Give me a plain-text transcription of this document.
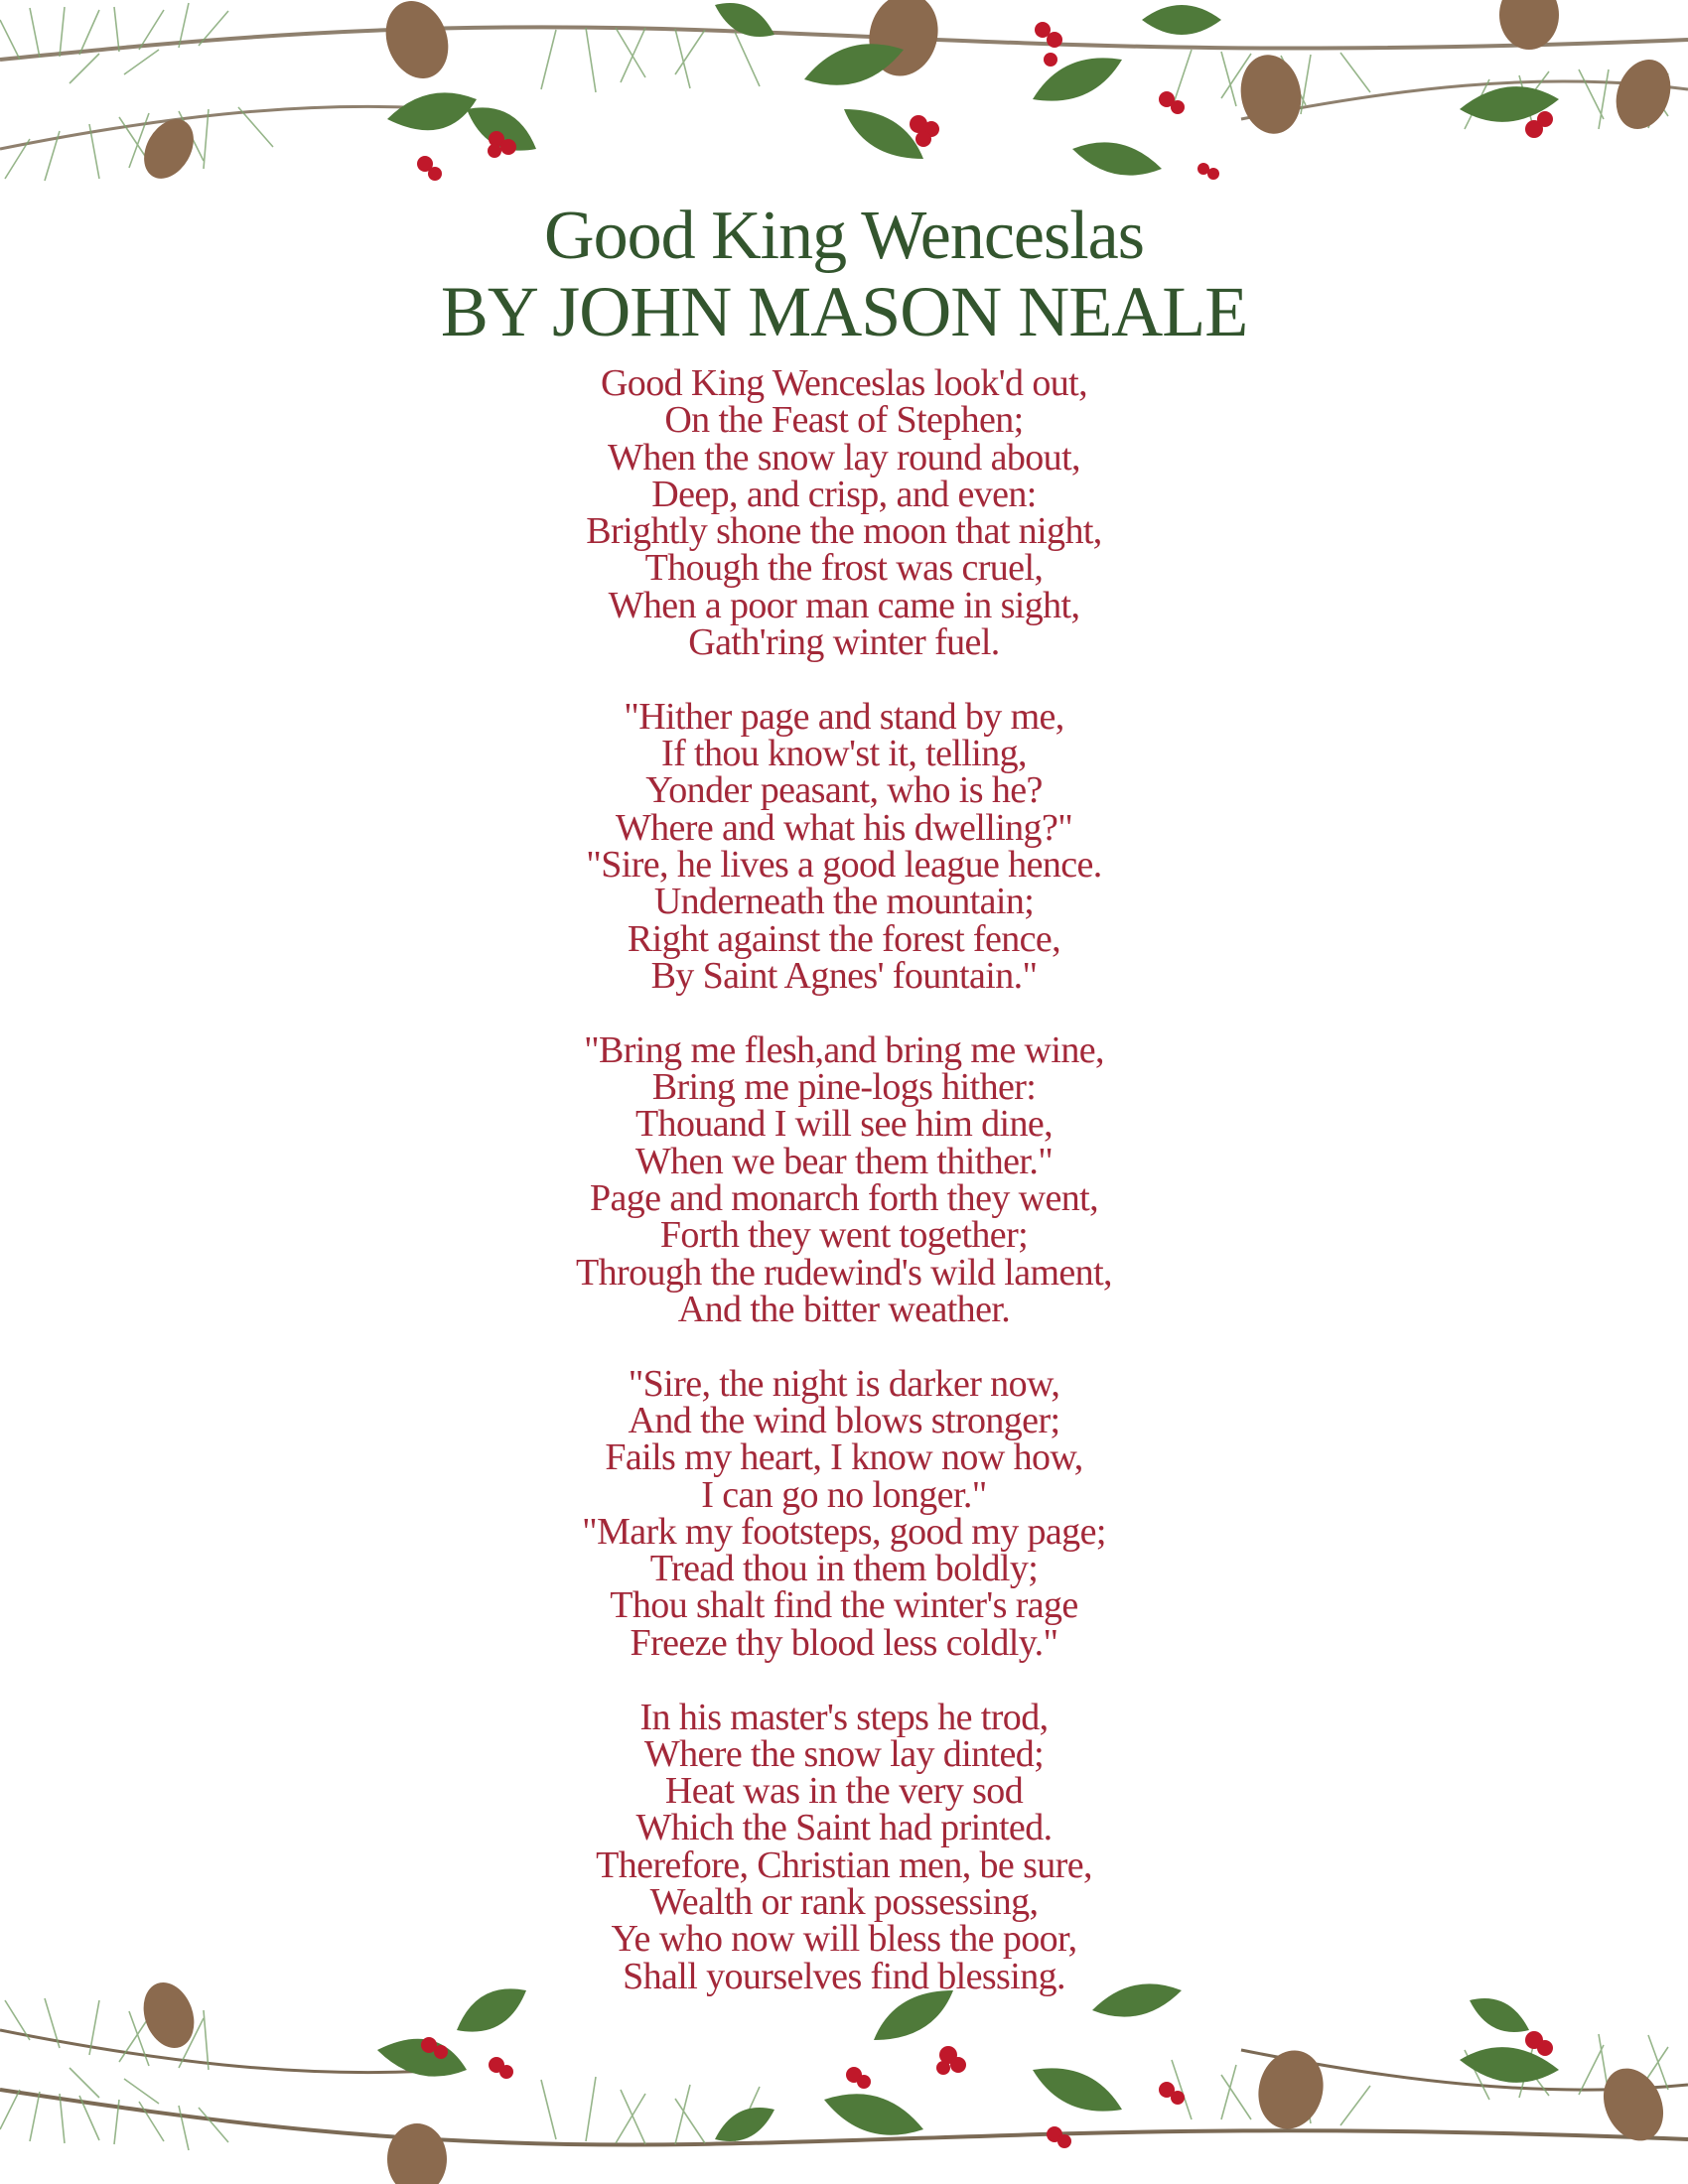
Good King Wenceslas
BY JOHN MASON NEALE
Good King Wenceslas look'd out,
On the Feast of Stephen;
When the snow lay round about,
Deep, and crisp, and even:
Brightly shone the moon that night,
Though the frost was cruel,
When a poor man came in sight,
Gath'ring winter fuel.
"Hither page and stand by me,
If thou know'st it, telling,
Yonder peasant, who is he?
Where and what his dwelling?"
"Sire, he lives a good league hence.
Underneath the mountain;
Right against the forest fence,
By Saint Agnes' fountain."
"Bring me flesh,and bring me wine,
Bring me pine-logs hither:
Thouand I will see him dine,
When we bear them thither."
Page and monarch forth they went,
Forth they went together;
Through the rudewind's wild lament,
And the bitter weather.
"Sire, the night is darker now,
And the wind blows stronger;
Fails my heart, I know now how,
I can go no longer."
"Mark my footsteps, good my page;
Tread thou in them boldly;
Thou shalt find the winter's rage
Freeze thy blood less coldly."
In his master's steps he trod,
Where the snow lay dinted;
Heat was in the very sod
Which the Saint had printed.
Therefore, Christian men, be sure,
Wealth or rank possessing,
Ye who now will bless the poor,
Shall yourselves find blessing.
